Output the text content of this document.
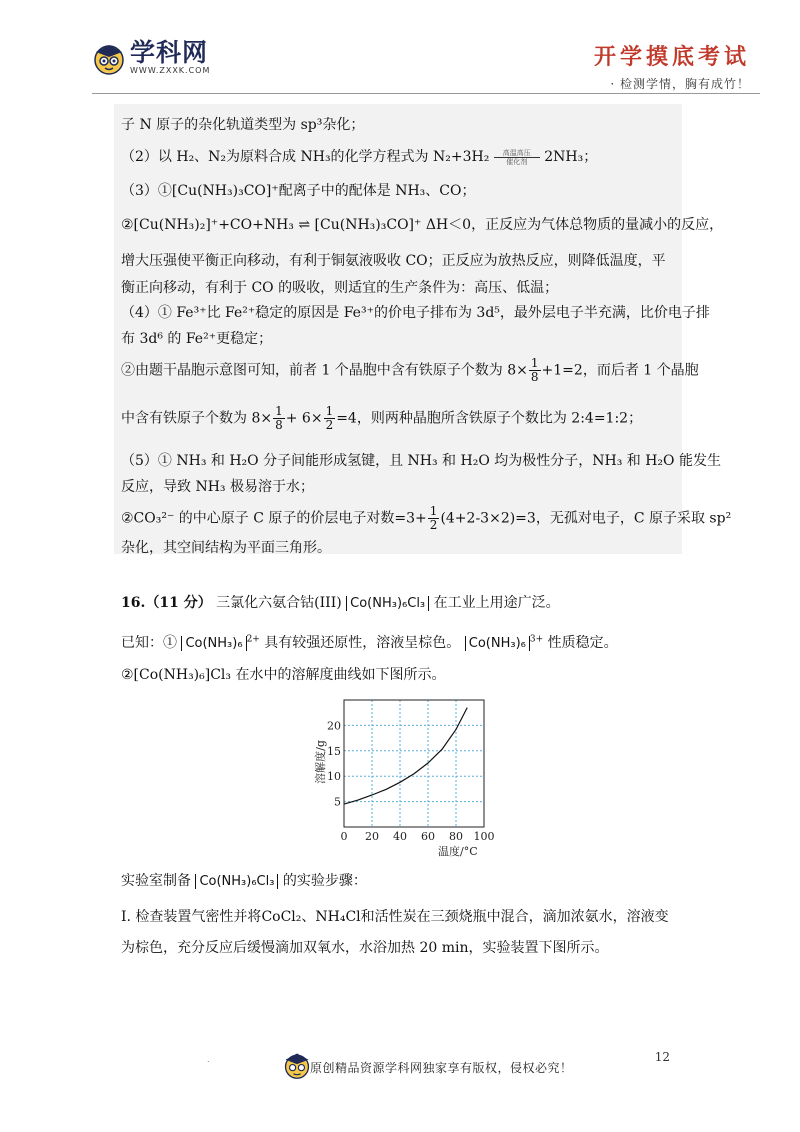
学科网
WWW.ZXXK.COM
开学摸底考试
· 检测学情，胸有成竹！
子 N 原子的杂化轨道类型为 sp³杂化；
（2）以 H₂、N₂为原料合成 NH₃的化学方程式为 N₂+3H₂	高温高压
催化剂	2NH₃；
（3）①[Cu(NH₃)₃CO]⁺配离子中的配体是 NH₃、CO；
②[Cu(NH₃)₂]⁺+CO+NH₃ ⇌ [Cu(NH₃)₃CO]⁺ ΔH＜0，正反应为气体总物质的量减小的反应，
增大压强使平衡正向移动，有利于铜氨液吸收 CO；正反应为放热反应，则降低温度，平
衡正向移动，有利于 CO 的吸收，则适宜的生产条件为：高压、低温；
（4）① Fe³⁺比 Fe²⁺稳定的原因是 Fe³⁺的价电子排布为 3d⁵，最外层电子半充满，比价电子排
布 3d⁶ 的 Fe²⁺更稳定；
②由题干晶胞示意图可知，前者 1 个晶胞中含有铁原子个数为 $8\times \frac{1}{8} +1=2$，而后者 1 个晶胞
中含有铁原子个数为 $8\times \frac{1}{8} + 6\times \frac{1}{2} =4$，则两种晶胞所含铁原子个数比为 2:4=1:2；
（5）① NH₃ 和 H₂O 分子间能形成氢键，且 NH₃ 和 H₂O 均为极性分子，NH₃ 和 H₂O 能发生
反应，导致 NH₃ 极易溶于水；
②CO₃²⁻ 的中心原子 C 原子的价层电子对数$=3+ \frac{1}{2} (4+2-3\times 2)=3$，无孤对电子，C 原子采取 sp²
杂化，其空间结构为平面三角形。
16.（11 分） 三氯化六氨合钴(III) Co(NH₃)₆Cl₃ 在工业上用途广泛。
已知：① Co(NH₃)₆ $^{2+}$ 具有较强还原性，溶液呈棕色。 Co(NH₃)₆ $^{3+}$ 性质稳定。
②[Co(NH₃)₆]Cl₃ 在水中的溶解度曲线如下图所示。
5
10
15
20
0 20 40 60 80 100
温度/°C
溶解度/g
实验室制备 Co(NH₃)₆Cl₃ 的实验步骤：
I. 检查装置气密性并将CoCl₂、NH₄Cl和活性炭在三颈烧瓶中混合，滴加浓氨水，溶液变
为棕色，充分反应后缓慢滴加双氧水，水浴加热 20 min，实验装置下图所示。
.
原创精品资源学科网独家享有版权，侵权必究！
12
